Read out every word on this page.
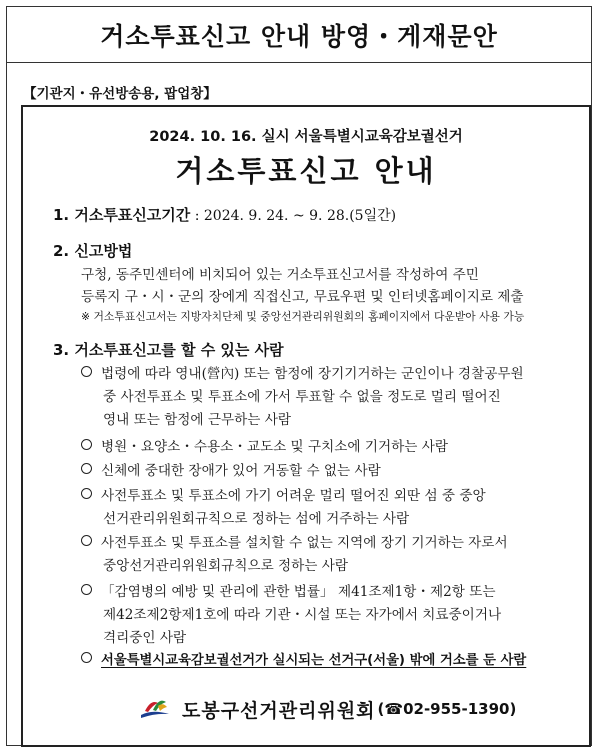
거소투표신고 안내 방영・게재문안
【기관지・유선방송용, 팝업창】
2024. 10. 16. 실시 서울특별시교육감보궐선거
거소투표신고 안내
1. 거소투표신고기간 : 2024. 9. 24. ~ 9. 28.(5일간)
2. 신고방법
구청, 동주민센터에 비치되어 있는 거소투표신고서를 작성하여 주민
등록지 구・시・군의 장에게 직접신고, 무료우편 및 인터넷홈페이지로 제출
※ 거소투표신고서는 지방자치단체 및 중앙선거관리위원회의 홈페이지에서 다운받아 사용 가능
3. 거소투표신고를 할 수 있는 사람
법령에 따라 영내(營內) 또는 함정에 장기기거하는 군인이나 경찰공무원
중 사전투표소 및 투표소에 가서 투표할 수 없을 정도로 멀리 떨어진
영내 또는 함정에 근무하는 사람
병원・요양소・수용소・교도소 및 구치소에 기거하는 사람
신체에 중대한 장애가 있어 거동할 수 없는 사람
사전투표소 및 투표소에 가기 어려운 멀리 떨어진 외딴 섬 중 중앙
선거관리위원회규칙으로 정하는 섬에 거주하는 사람
사전투표소 및 투표소를 설치할 수 없는 지역에 장기 기거하는 자로서
중앙선거관리위원회규칙으로 정하는 사람
「감염병의 예방 및 관리에 관한 법률」 제41조제1항・제2항 또는
제42조제2항제1호에 따라 기관・시설 또는 자가에서 치료중이거나
격리중인 사람
서울특별시교육감보궐선거가 실시되는 선거구(서울) 밖에 거소를 둔 사람
도봉구선거관리위원회 (☎02-955-1390)
